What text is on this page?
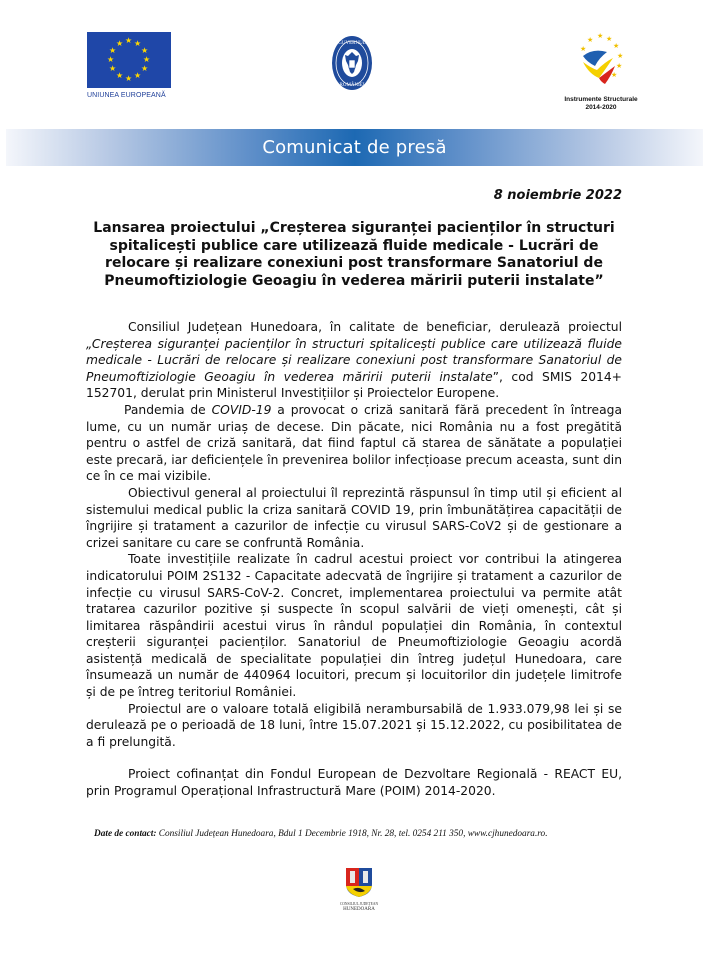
★ ★
★
★
★
★
★
★
★
★
★
★
UNIUNEA EUROPEANĂ
GUVERNUL
ROMÂNIEI
★ ★ ★
★
★
★
★
★
Instrumente Structurale
2014-2020
Comunicat de presă
8 noiembrie 2022
Lansarea proiectului „Creșterea siguranței pacienților în structuri spitalicești publice care utilizează fluide medicale - Lucrări de relocare și realizare conexiuni post transformare Sanatoriul de Pneumoftiziologie Geoagiu în vederea măririi puterii instalate”

Consiliul Județean Hunedoara, în calitate de beneficiar, derulează proiectul „Creșterea siguranței pacienților în structuri spitalicești publice care utilizează fluide medicale - Lucrări de relocare și realizare conexiuni post transformare Sanatoriul de Pneumoftiziologie Geoagiu în vederea măririi puterii instalate”, cod SMIS 2014+ 152701, derulat prin Ministerul Investițiilor și Proiectelor Europene.

Pandemia de COVID-19 a provocat o criză sanitară fără precedent în întreaga lume, cu un număr uriaș de decese. Din păcate, nici România nu a fost pregătită pentru o astfel de criză sanitară, dat fiind faptul că starea de sănătate a populației este precară, iar deficiențele în prevenirea bolilor infecțioase precum aceasta, sunt din ce în ce mai vizibile.

Obiectivul general al proiectului îl reprezintă răspunsul în timp util și eficient al sistemului medical public la criza sanitară COVID 19, prin îmbunătățirea capacității de îngrijire și tratament a cazurilor de infecție cu virusul SARS-CoV2 și de gestionare a crizei sanitare cu care se confruntă România.

Toate investițiile realizate în cadrul acestui proiect vor contribui la atingerea indicatorului POIM 2S132 - Capacitate adecvată de îngrijire și tratament a cazurilor de infecție cu virusul SARS-CoV-2. Concret, implementarea proiectului va permite atât tratarea cazurilor pozitive și suspecte în scopul salvării de vieți omenești, cât și limitarea răspândirii acestui virus în rândul populației din România, în contextul creșterii siguranței pacienților. Sanatoriul de Pneumoftiziologie Geoagiu acordă asistență medicală de specialitate populației din întreg județul Hunedoara, care însumează un număr de 440964 locuitori, precum și locuitorilor din județele limitrofe și de pe întreg teritoriul României.

Proiectul are o valoare totală eligibilă nerambursabilă de 1.933.079,98 lei și se derulează pe o perioadă de 18 luni, între 15.07.2021 și 15.12.2022, cu posibilitatea de a fi prelungită.

Proiect cofinanțat din Fondul European de Dezvoltare Regională - REACT EU, prin Programul Operațional Infrastructură Mare (POIM) 2014-2020.

Date de contact: Consiliul Județean Hunedoara, Bdul 1 Decembrie 1918, Nr. 28, tel. 0254 211 350, www.cjhunedoara.ro.
CONSILIUL JUDEȚEAN
HUNEDOARA
